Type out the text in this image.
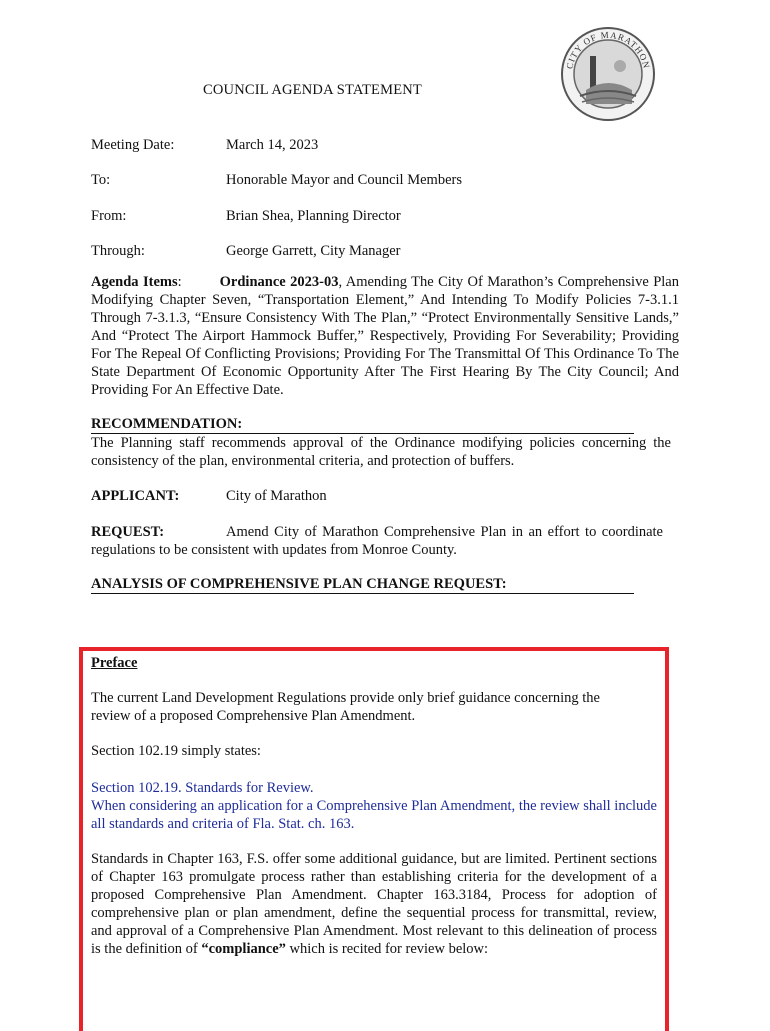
CITY OF MARATHON
COUNCIL AGENDA STATEMENT
Meeting Date:	March 14, 2023
To:	Honorable Mayor and Council Members
From:	Brian Shea, Planning Director
Through:	George Garrett, City Manager
Agenda Items:	Ordinance 2023-03, Amending The City Of Marathon’s Comprehensive Plan Modifying Chapter Seven, “Transportation Element,” And Intending To Modify Policies 7-3.1.1 Through 7-3.1.3, “Ensure Consistency With The Plan,” “Protect Environmentally Sensitive Lands,” And “Protect The Airport Hammock Buffer,” Respectively, Providing For Severability; Providing For The Repeal Of Conflicting Provisions; Providing For The Transmittal Of This Ordinance To The State Department Of Economic Opportunity After The First Hearing By The City Council; And Providing For An Effective Date.
RECOMMENDATION:
The Planning staff recommends approval of the Ordinance modifying policies concerning the consistency of the plan, environmental criteria, and protection of buffers.
APPLICANT:	City of Marathon
REQUEST:	Amend City of Marathon Comprehensive Plan in an effort to coordinate regulations to be consistent with updates from Monroe County.
ANALYSIS OF COMPREHENSIVE PLAN CHANGE REQUEST:
Preface
The current Land Development Regulations provide only brief guidance concerning the review of a proposed Comprehensive Plan Amendment.
Section 102.19 simply states:
Section 102.19. Standards for Review.
When considering an application for a Comprehensive Plan Amendment, the review shall include all standards and criteria of Fla. Stat. ch. 163.
Standards in Chapter 163, F.S. offer some additional guidance, but are limited. Pertinent sections of Chapter 163 promulgate process rather than establishing criteria for the development of a proposed Comprehensive Plan Amendment. Chapter 163.3184, Process for adoption of comprehensive plan or plan amendment, define the sequential process for transmittal, review, and approval of a Comprehensive Plan Amendment. Most relevant to this delineation of process is the definition of “compliance” which is recited for review below:
